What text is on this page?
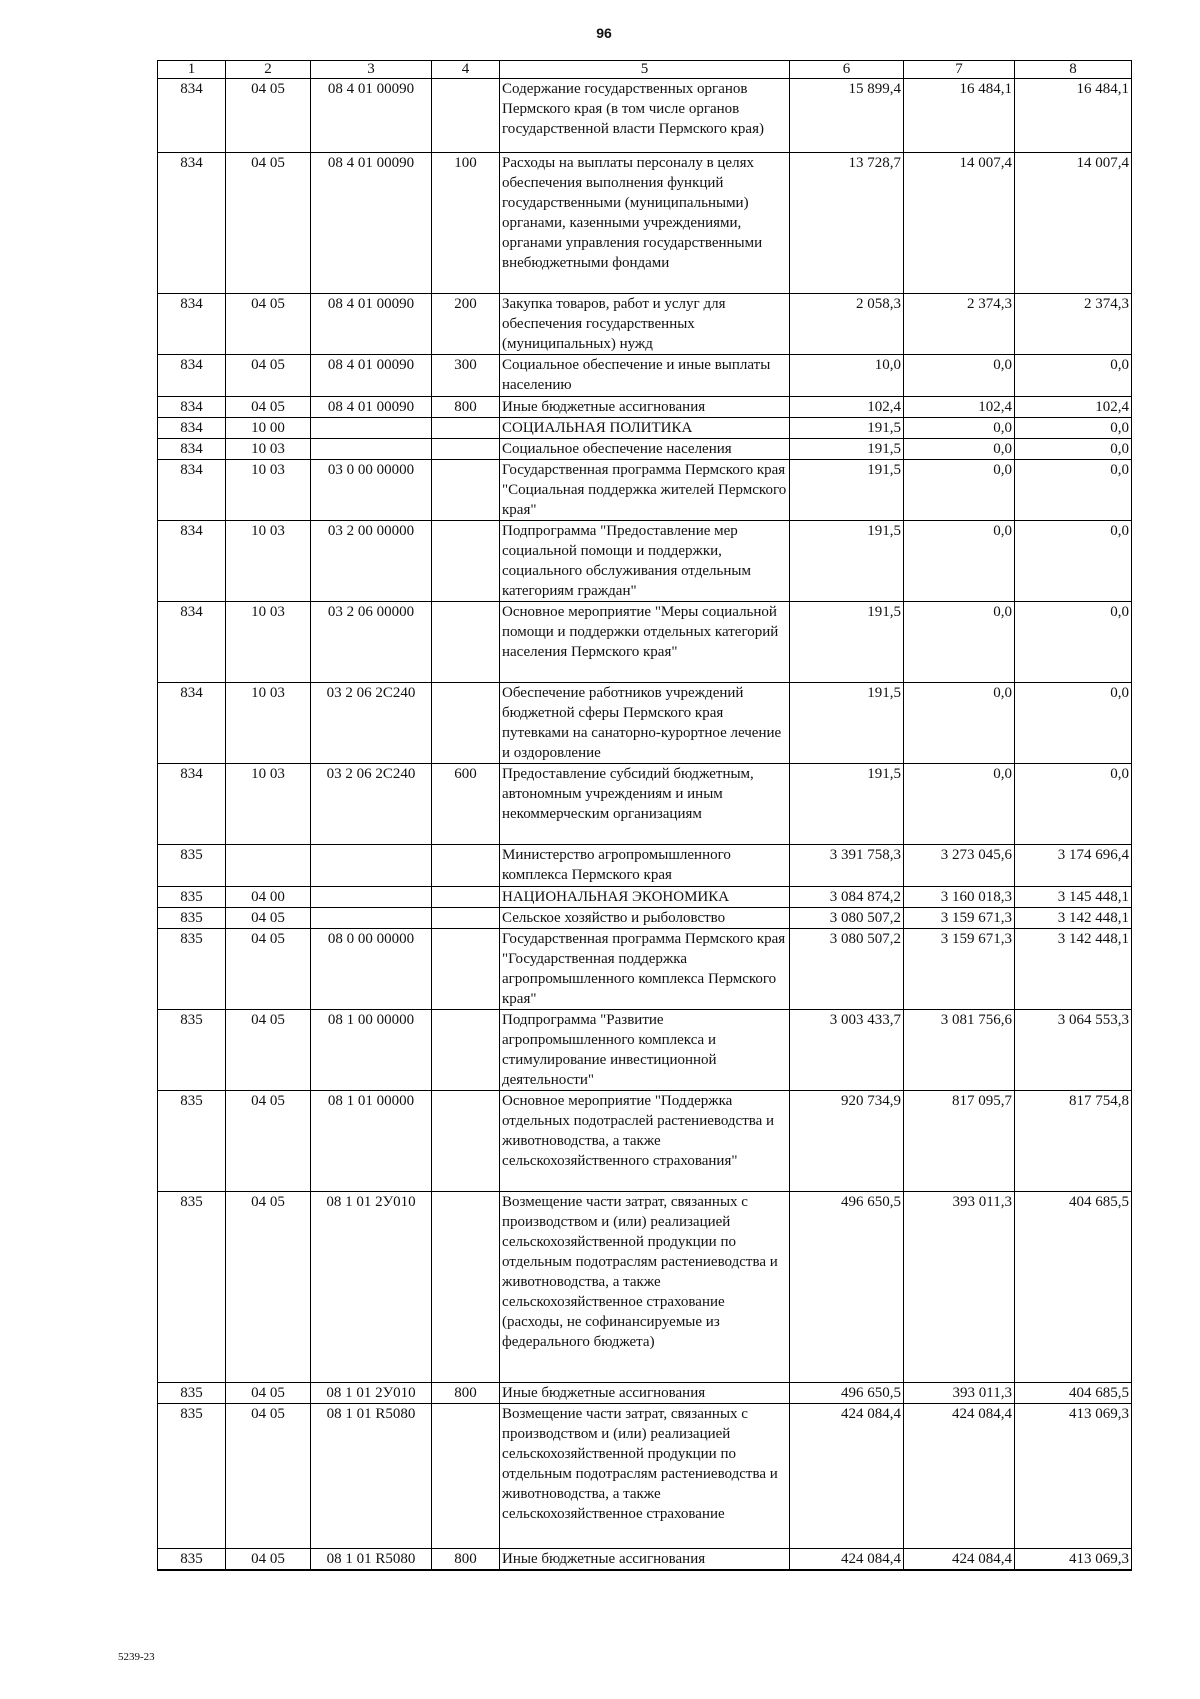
96
1	2	3	4	5	6	7	8
834	04 05	08 4 01 00090		Содержание государственных органов Пермского края (в том числе органов государственной власти Пермского края)	15 899,4	16 484,1	16 484,1
834	04 05	08 4 01 00090	100	Расходы на выплаты персоналу в целях обеспечения выполнения функций государственными (муниципальными) органами, казенными учреждениями, органами управления государственными внебюджетными фондами	13 728,7	14 007,4	14 007,4
834	04 05	08 4 01 00090	200	Закупка товаров, работ и услуг для обеспечения государственных (муниципальных) нужд	2 058,3	2 374,3	2 374,3
834	04 05	08 4 01 00090	300	Социальное обеспечение и иные выплаты населению	10,0	0,0	0,0
834	04 05	08 4 01 00090	800	Иные бюджетные ассигнования	102,4	102,4	102,4
834	10 00			СОЦИАЛЬНАЯ ПОЛИТИКА	191,5	0,0	0,0
834	10 03			Социальное обеспечение населения	191,5	0,0	0,0
834	10 03	03 0 00 00000		Государственная программа Пермского края "Социальная поддержка жителей Пермского края"	191,5	0,0	0,0
834	10 03	03 2 00 00000		Подпрограмма "Предоставление мер социальной помощи и поддержки, социального обслуживания отдельным категориям граждан"	191,5	0,0	0,0
834	10 03	03 2 06 00000		Основное мероприятие "Меры социальной помощи и поддержки отдельных категорий населения Пермского края"	191,5	0,0	0,0
834	10 03	03 2 06 2С240		Обеспечение работников учреждений бюджетной сферы Пермского края путевками на санаторно-курортное лечение и оздоровление	191,5	0,0	0,0
834	10 03	03 2 06 2С240	600	Предоставление субсидий бюджетным, автономным учреждениям и иным некоммерческим организациям	191,5	0,0	0,0
835				Министерство агропромышленного комплекса Пермского края	3 391 758,3	3 273 045,6	3 174 696,4
835	04 00			НАЦИОНАЛЬНАЯ ЭКОНОМИКА	3 084 874,2	3 160 018,3	3 145 448,1
835	04 05			Сельское хозяйство и рыболовство	3 080 507,2	3 159 671,3	3 142 448,1
835	04 05	08 0 00 00000		Государственная программа Пермского края "Государственная поддержка агропромышленного комплекса Пермского края"	3 080 507,2	3 159 671,3	3 142 448,1
835	04 05	08 1 00 00000		Подпрограмма "Развитие агропромышленного комплекса и стимулирование инвестиционной деятельности"	3 003 433,7	3 081 756,6	3 064 553,3
835	04 05	08 1 01 00000		Основное мероприятие "Поддержка отдельных подотраслей растениеводства и животноводства, а также сельскохозяйственного страхования"	920 734,9	817 095,7	817 754,8
835	04 05	08 1 01 2У010		Возмещение части затрат, связанных с производством и (или) реализацией сельскохозяйственной продукции по отдельным подотраслям растениеводства и животноводства, а также сельскохозяйственное страхование (расходы, не софинансируемые из федерального бюджета)	496 650,5	393 011,3	404 685,5
835	04 05	08 1 01 2У010	800	Иные бюджетные ассигнования	496 650,5	393 011,3	404 685,5
835	04 05	08 1 01 R5080		Возмещение части затрат, связанных с производством и (или) реализацией сельскохозяйственной продукции по отдельным подотраслям растениеводства и животноводства, а также сельскохозяйственное страхование	424 084,4	424 084,4	413 069,3
835	04 05	08 1 01 R5080	800	Иные бюджетные ассигнования	424 084,4	424 084,4	413 069,3
5239-23
